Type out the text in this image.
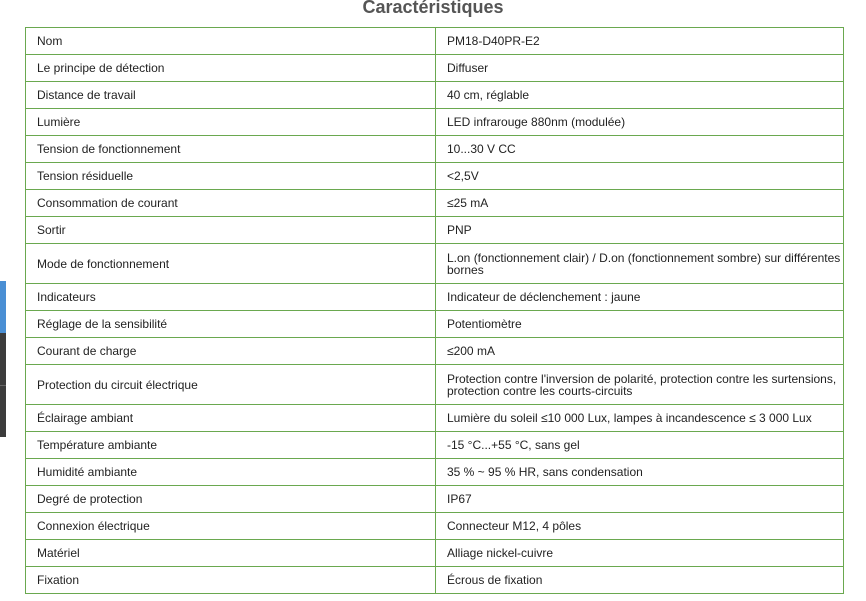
Caractéristiques
Nom	PM18-D40PR-E2
Le principe de détection	Diffuser
Distance de travail	40 cm, réglable
Lumière	LED infrarouge 880nm (modulée)
Tension de fonctionnement	10...30 V CC
Tension résiduelle	<2,5V
Consommation de courant	≤25 mA
Sortir	PNP
Mode de fonctionnement	L.on (fonctionnement clair) / D.on (fonctionnement sombre) sur différentes bornes
Indicateurs	Indicateur de déclenchement : jaune
Réglage de la sensibilité	Potentiomètre
Courant de charge	≤200 mA
Protection du circuit électrique	Protection contre l'inversion de polarité, protection contre les surtensions, protection contre les courts-circuits
Éclairage ambiant	Lumière du soleil ≤10 000 Lux, lampes à incandescence ≤ 3 000 Lux
Température ambiante	-15 °C...+55 °C, sans gel
Humidité ambiante	35 % ~ 95 % HR, sans condensation
Degré de protection	IP67
Connexion électrique	Connecteur M12, 4 pôles
Matériel	Alliage nickel-cuivre
Fixation	Écrous de fixation
